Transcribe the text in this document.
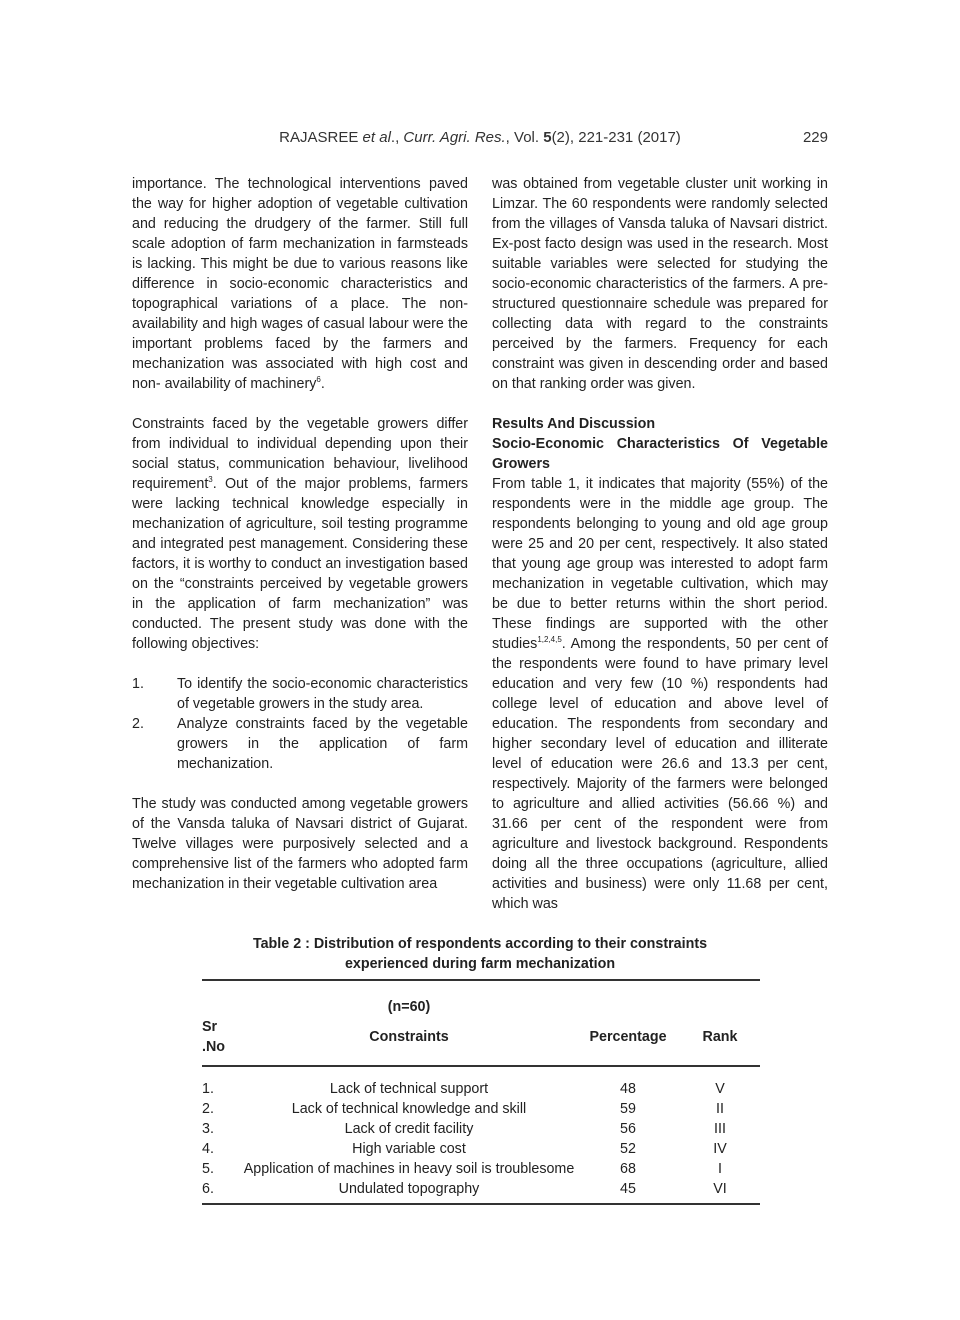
RAJASREE et al., Curr. Agri. Res., Vol. 5(2), 221-231 (2017)	229

importance. The technological interventions paved the way for higher adoption of vegetable cultivation and reducing the drudgery of the farmer. Still full scale adoption of farm mechanization in farmsteads is lacking. This might be due to various reasons like difference in socio-economic characteristics and topographical variations of a place. The non-availability and high wages of casual labour were the important problems faced by the farmers and mechanization was associated with high cost and non- availability of machinery$^6$.

Constraints faced by the vegetable growers differ from individual to individual depending upon their social status, communication behaviour, livelihood requirement$^3$. Out of the major problems, farmers were lacking technical knowledge especially in mechanization of agriculture, soil testing programme and integrated pest management. Considering these factors, it is worthy to conduct an investigation based on the “constraints perceived by vegetable growers in the application of farm mechanization” was conducted. The present study was done with the following objectives:

1.	To identify the socio-economic characteristics of vegetable growers in the study area.
2.	Analyze constraints faced by the vegetable growers in the application of farm mechanization.

The study was conducted among vegetable growers of the Vansda taluka of Navsari district of Gujarat. Twelve villages were purposively selected and a comprehensive list of the farmers who adopted farm mechanization in their vegetable cultivation area

was obtained from vegetable cluster unit working in Limzar. The 60 respondents were randomly selected from the villages of Vansda taluka of Navsari district. Ex-post facto design was used in the research. Most suitable variables were selected for studying the socio-economic characteristics of the farmers. A pre- structured questionnaire schedule was prepared for collecting data with regard to the constraints perceived by the farmers. Frequency for each constraint was given in descending order and based on that ranking order was given.

Results And Discussion
Socio-Economic Characteristics Of Vegetable Growers

From table 1, it indicates that majority (55%) of the respondents were in the middle age group. The respondents belonging to young and old age group were 25 and 20 per cent, respectively. It also stated that young age group was interested to adopt farm mechanization in vegetable cultivation, which may be due to better returns within the short period. These findings are supported with the other studies$^{1,2,4,5}$. Among the respondents, 50 per cent of the respondents were found to have primary level education and very few (10 %) respondents had college level of education and above level of education. The respondents from secondary and higher secondary level of education and illiterate level of education were 26.6 and 13.3 per cent, respectively. Majority of the farmers were belonged to agriculture and allied activities (56.66 %) and 31.66 per cent of the respondent were from agriculture and livestock background. Respondents doing all the three occupations (agriculture, allied activities and business) were only 11.68 per cent, which was

Table 2 : Distribution of respondents according to their constraints
experienced during farm mechanization
	(n=60)		
Sr .No	Constraints	Percentage	Rank
1.	Lack of technical support	48	V
2.	Lack of technical knowledge and skill	59	II
3.	Lack of credit facility	56	III
4.	High variable cost	52	IV
5.	Application of machines in heavy soil is troublesome	68	I
6.	Undulated topography	45	VI
